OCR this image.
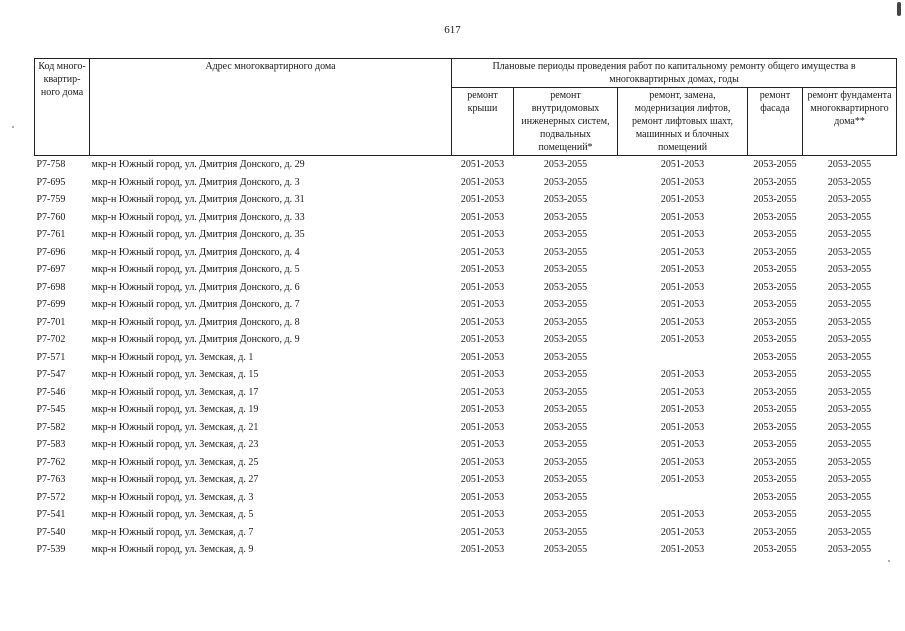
617
Код много-квартир-ного дома	Адрес многоквартирного дома	Плановые периоды проведения работ по капитальному ремонту общего имущества в многоквартирных домах, годы				
		ремонт крыши	ремонт внутридомовых инженерных систем, подвальных помещений*	ремонт, замена, модернизация лифтов, ремонт лифтовых шахт, машинных и блочных помещений	ремонт фасада	ремонт фундамента многоквартирного дома**
Р7-758	мкр-н Южный город, ул. Дмитрия Донского, д. 29	2051-2053	2053-2055	2051-2053	2053-2055	2053-2055
Р7-695	мкр-н Южный город, ул. Дмитрия Донского, д. 3	2051-2053	2053-2055	2051-2053	2053-2055	2053-2055
Р7-759	мкр-н Южный город, ул. Дмитрия Донского, д. 31	2051-2053	2053-2055	2051-2053	2053-2055	2053-2055
Р7-760	мкр-н Южный город, ул. Дмитрия Донского, д. 33	2051-2053	2053-2055	2051-2053	2053-2055	2053-2055
Р7-761	мкр-н Южный город, ул. Дмитрия Донского, д. 35	2051-2053	2053-2055	2051-2053	2053-2055	2053-2055
Р7-696	мкр-н Южный город, ул. Дмитрия Донского, д. 4	2051-2053	2053-2055	2051-2053	2053-2055	2053-2055
Р7-697	мкр-н Южный город, ул. Дмитрия Донского, д. 5	2051-2053	2053-2055	2051-2053	2053-2055	2053-2055
Р7-698	мкр-н Южный город, ул. Дмитрия Донского, д. 6	2051-2053	2053-2055	2051-2053	2053-2055	2053-2055
Р7-699	мкр-н Южный город, ул. Дмитрия Донского, д. 7	2051-2053	2053-2055	2051-2053	2053-2055	2053-2055
Р7-701	мкр-н Южный город, ул. Дмитрия Донского, д. 8	2051-2053	2053-2055	2051-2053	2053-2055	2053-2055
Р7-702	мкр-н Южный город, ул. Дмитрия Донского, д. 9	2051-2053	2053-2055	2051-2053	2053-2055	2053-2055
Р7-571	мкр-н Южный город, ул. Земская, д. 1	2051-2053	2053-2055		2053-2055	2053-2055
Р7-547	мкр-н Южный город, ул. Земская, д. 15	2051-2053	2053-2055	2051-2053	2053-2055	2053-2055
Р7-546	мкр-н Южный город, ул. Земская, д. 17	2051-2053	2053-2055	2051-2053	2053-2055	2053-2055
Р7-545	мкр-н Южный город, ул. Земская, д. 19	2051-2053	2053-2055	2051-2053	2053-2055	2053-2055
Р7-582	мкр-н Южный город, ул. Земская, д. 21	2051-2053	2053-2055	2051-2053	2053-2055	2053-2055
Р7-583	мкр-н Южный город, ул. Земская, д. 23	2051-2053	2053-2055	2051-2053	2053-2055	2053-2055
Р7-762	мкр-н Южный город, ул. Земская, д. 25	2051-2053	2053-2055	2051-2053	2053-2055	2053-2055
Р7-763	мкр-н Южный город, ул. Земская, д. 27	2051-2053	2053-2055	2051-2053	2053-2055	2053-2055
Р7-572	мкр-н Южный город, ул. Земская, д. 3	2051-2053	2053-2055		2053-2055	2053-2055
Р7-541	мкр-н Южный город, ул. Земская, д. 5	2051-2053	2053-2055	2051-2053	2053-2055	2053-2055
Р7-540	мкр-н Южный город, ул. Земская, д. 7	2051-2053	2053-2055	2051-2053	2053-2055	2053-2055
Р7-539	мкр-н Южный город, ул. Земская, д. 9	2051-2053	2053-2055	2051-2053	2053-2055	2053-2055
